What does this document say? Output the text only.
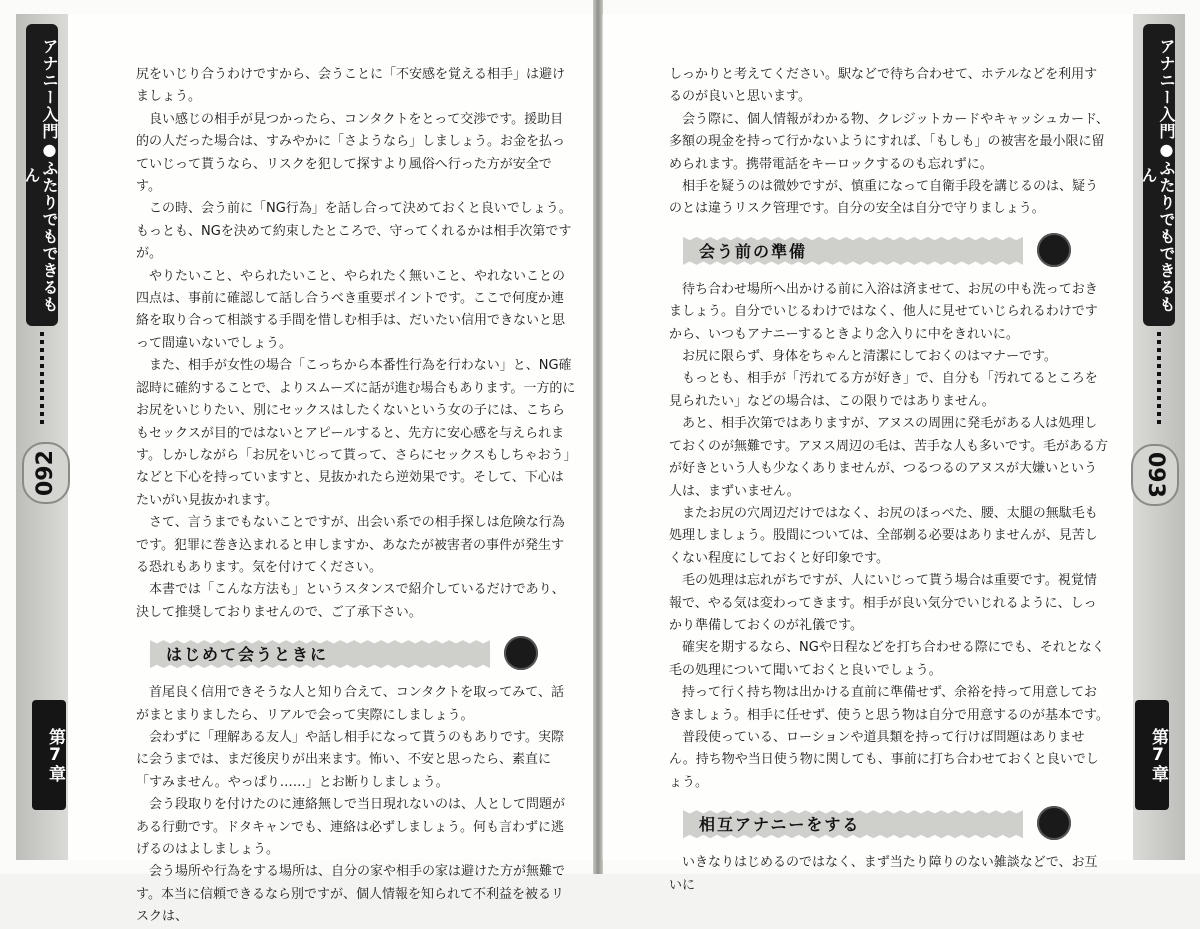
アナニー入門●ふたりでもできるもん
092
第7章

尻をいじり合うわけですから、会うことに「不安感を覚える相手」は避けましょう。

良い感じの相手が見つかったら、コンタクトをとって交渉です。援助目的の人だった場合は、すみやかに「さようなら」しましょう。お金を払っていじって貰うなら、リスクを犯して探すより風俗へ行った方が安全です。

この時、会う前に「NG行為」を話し合って決めておくと良いでしょう。もっとも、NGを決めて約束したところで、守ってくれるかは相手次第ですが。

やりたいこと、やられたいこと、やられたく無いこと、やれないことの四点は、事前に確認して話し合うべき重要ポイントです。ここで何度か連絡を取り合って相談する手間を惜しむ相手は、だいたい信用できないと思って間違いないでしょう。

また、相手が女性の場合「こっちから本番性行為を行わない」と、NG確認時に確約することで、よりスムーズに話が進む場合もあります。一方的にお尻をいじりたい、別にセックスはしたくないという女の子には、こちらもセックスが目的ではないとアピールすると、先方に安心感を与えられます。しかしながら「お尻をいじって貰って、さらにセックスもしちゃおう」などと下心を持っていますと、見抜かれたら逆効果です。そして、下心はたいがい見抜かれます。

さて、言うまでもないことですが、出会い系での相手探しは危険な行為です。犯罪に巻き込まれると申しますか、あなたが被害者の事件が発生する恐れもあります。気を付けてください。

本書では「こんな方法も」というスタンスで紹介しているだけであり、決して推奨しておりませんので、ご了承下さい。

はじめて会うときに

首尾良く信用できそうな人と知り合えて、コンタクトを取ってみて、話がまとまりましたら、リアルで会って実際にしましょう。

会わずに「理解ある友人」や話し相手になって貰うのもありです。実際に会うまでは、まだ後戻りが出来ます。怖い、不安と思ったら、素直に「すみません。やっぱり……」とお断りしましょう。

会う段取りを付けたのに連絡無しで当日現れないのは、人として問題がある行動です。ドタキャンでも、連絡は必ずしましょう。何も言わずに逃げるのはよしましょう。

会う場所や行為をする場所は、自分の家や相手の家は避けた方が無難です。本当に信頼できるなら別ですが、個人情報を知られて不利益を被るリスクは、

アナニー入門●ふたりでもできるもん
093
第7章

しっかりと考えてください。駅などで待ち合わせて、ホテルなどを利用するのが良いと思います。

会う際に、個人情報がわかる物、クレジットカードやキャッシュカード、多額の現金を持って行かないようにすれば、「もしも」の被害を最小限に留められます。携帯電話をキーロックするのも忘れずに。

相手を疑うのは微妙ですが、慎重になって自衛手段を講じるのは、疑うのとは違うリスク管理です。自分の安全は自分で守りましょう。

会う前の準備

待ち合わせ場所へ出かける前に入浴は済ませて、お尻の中も洗っておきましょう。自分でいじるわけではなく、他人に見せていじられるわけですから、いつもアナニーするときより念入りに中をきれいに。

お尻に限らず、身体をちゃんと清潔にしておくのはマナーです。

もっとも、相手が「汚れてる方が好き」で、自分も「汚れてるところを見られたい」などの場合は、この限りではありません。

あと、相手次第ではありますが、アヌスの周囲に発毛がある人は処理しておくのが無難です。アヌス周辺の毛は、苦手な人も多いです。毛がある方が好きという人も少なくありませんが、つるつるのアヌスが大嫌いという人は、まずいません。

またお尻の穴周辺だけではなく、お尻のほっぺた、腰、太腿の無駄毛も処理しましょう。股間については、全部剃る必要はありませんが、見苦しくない程度にしておくと好印象です。

毛の処理は忘れがちですが、人にいじって貰う場合は重要です。視覚情報で、やる気は変わってきます。相手が良い気分でいじれるように、しっかり準備しておくのが礼儀です。

確実を期するなら、NGや日程などを打ち合わせる際にでも、それとなく毛の処理について聞いておくと良いでしょう。

持って行く持ち物は出かける直前に準備せず、余裕を持って用意しておきましょう。相手に任せず、使うと思う物は自分で用意するのが基本です。

普段使っている、ローションや道具類を持って行けば問題はありません。持ち物や当日使う物に関しても、事前に打ち合わせておくと良いでしょう。

相互アナニーをする

いきなりはじめるのではなく、まず当たり障りのない雑談などで、お互いに
